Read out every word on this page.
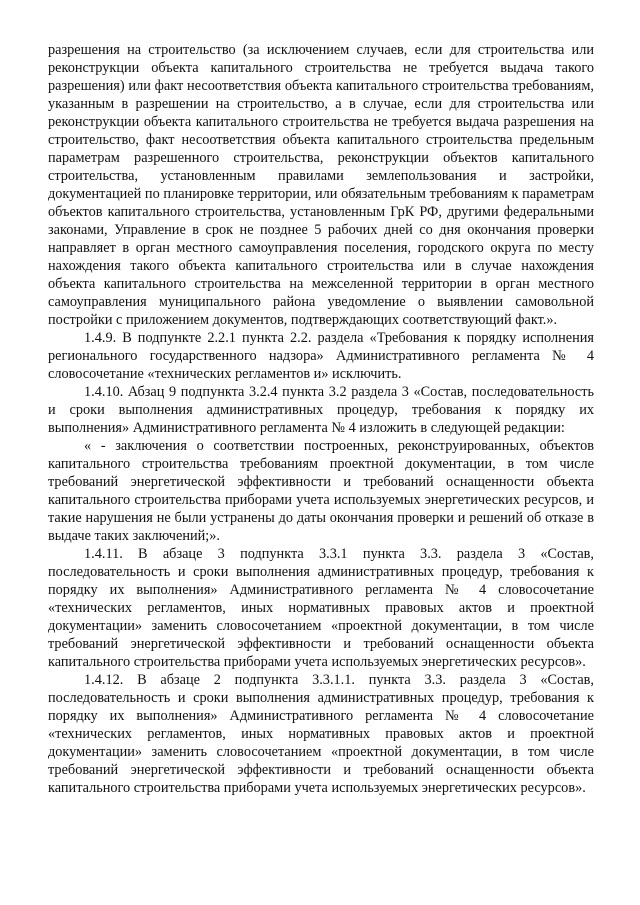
разрешения на строительство (за исключением случаев, если для строительства или реконструкции объекта капитального строительства не требуется выдача такого разрешения) или факт несоответствия объекта капитального строительства требованиям, указанным в разрешении на строительство, а в случае, если для строительства или реконструкции объекта капитального строительства не требуется выдача разрешения на строительство, факт несоответствия объекта капитального строительства предельным параметрам разрешенного строительства, реконструкции объектов капитального строительства, установленным правилами землепользования и застройки, документацией по планировке территории, или обязательным требованиям к параметрам объектов капитального строительства, установленным ГрК РФ, другими федеральными законами, Управление в срок не позднее 5 рабочих дней со дня окончания проверки направляет в орган местного самоуправления поселения, городского округа по месту нахождения такого объекта капитального строительства или в случае нахождения объекта капитального строительства на межселенной территории в орган местного самоуправления муниципального района уведомление о выявлении самовольной постройки с приложением документов, подтверждающих соответствующий факт.».

1.4.9. В подпункте 2.2.1 пункта 2.2. раздела «Требования к порядку исполнения регионального государственного надзора» Административного регламента № 4 словосочетание «технических регламентов и» исключить.

1.4.10. Абзац 9 подпункта 3.2.4 пункта 3.2 раздела 3 «Состав, последовательность и сроки выполнения административных процедур, требования к порядку их выполнения» Административного регламента № 4 изложить в следующей редакции:

« - заключения о соответствии построенных, реконструированных, объектов капитального строительства требованиям проектной документации, в том числе требований энергетической эффективности и требований оснащенности объекта капитального строительства приборами учета используемых энергетических ресурсов, и такие нарушения не были устранены до даты окончания проверки и решений об отказе в выдаче таких заключений;».

1.4.11. В абзаце 3 подпункта 3.3.1 пункта 3.3. раздела 3 «Состав, последовательность и сроки выполнения административных процедур, требования к порядку их выполнения» Административного регламента № 4 словосочетание «технических регламентов, иных нормативных правовых актов и проектной документации» заменить словосочетанием «проектной документации, в том числе требований энергетической эффективности и требований оснащенности объекта капитального строительства приборами учета используемых энергетических ресурсов».

1.4.12. В абзаце 2 подпункта 3.3.1.1. пункта 3.3. раздела 3 «Состав, последовательность и сроки выполнения административных процедур, требования к порядку их выполнения» Административного регламента № 4 словосочетание «технических регламентов, иных нормативных правовых актов и проектной документации» заменить словосочетанием «проектной документации, в том числе требований энергетической эффективности и требований оснащенности объекта капитального строительства приборами учета используемых энергетических ресурсов».
